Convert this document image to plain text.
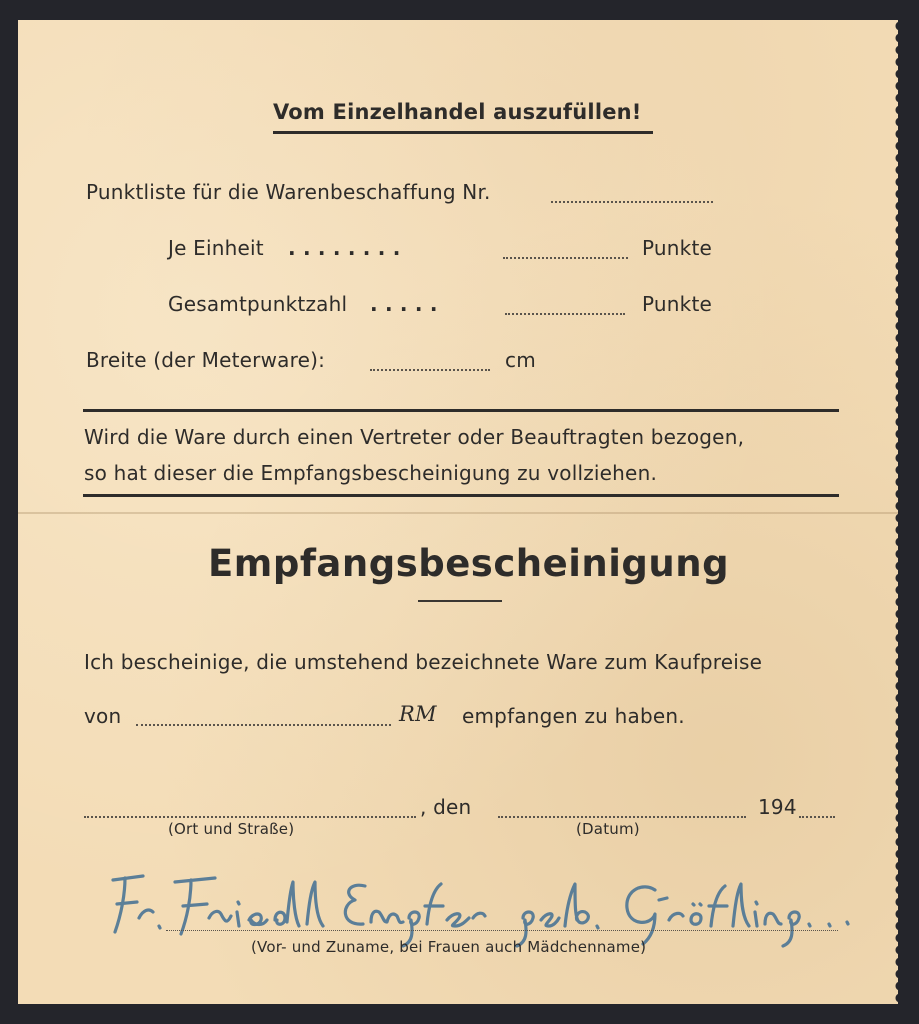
Vom Einzelhandel auszufüllen!
Punktliste für die Warenbeschaffung Nr.
Je Einheit . . . . . . . .	Punkte
Gesamtpunktzahl . . . . .	Punkte
Breite (der Meterware):	cm
Wird die Ware durch einen Vertreter oder Beauftragten bezogen,
so hat dieser die Empfangsbescheinigung zu vollziehen.
Empfangsbescheinigung
Ich bescheinige, die umstehend bezeichnete Ware zum Kaufpreise
von	RM empfangen zu haben.
, den	194
(Ort und Straße)	(Datum)
(Vor- und Zuname, bei Frauen auch Mädchenname)
